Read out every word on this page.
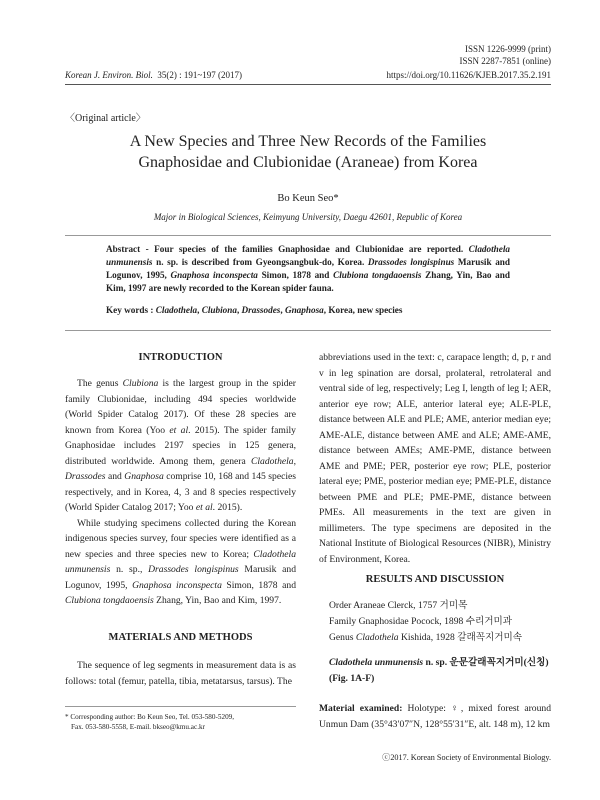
ISSN 1226-9999 (print)
ISSN 2287-7851 (online)
Korean J. Environ. Biol. 35(2) : 191~197 (2017)	https://doi.org/10.11626/KJEB.2017.35.2.191
〈Original article〉
A New Species and Three New Records of the Families
Gnaphosidae and Clubionidae (Araneae) from Korea
Bo Keun Seo*
Major in Biological Sciences, Keimyung University, Daegu 42601, Republic of Korea
Abstract - Four species of the families Gnaphosidae and Clubionidae are reported. Cladothela unmunensis n. sp. is described from Gyeongsangbuk-do, Korea. Drassodes longispinus Marusik and Logunov, 1995, Gnaphosa inconspecta Simon, 1878 and Clubiona tongdaoensis Zhang, Yin, Bao and Kim, 1997 are newly recorded to the Korean spider fauna.
Key words : Cladothela, Clubiona, Drassodes, Gnaphosa, Korea, new species
INTRODUCTION

The genus Clubiona is the largest group in the spider family Clubionidae, including 494 species worldwide (World Spider Catalog 2017). Of these 28 species are known from Korea (Yoo et al. 2015). The spider family Gnaphosidae includes 2197 species in 125 genera, distributed worldwide. Among them, genera Cladothela, Drassodes and Gnaphosa comprise 10, 168 and 145 species respectively, and in Korea, 4, 3 and 8 species respectively (World Spider Catalog 2017; Yoo et al. 2015).

While studying specimens collected during the Korean indigenous species survey, four species were identified as a new species and three species new to Korea; Cladothela unmunensis n. sp., Drassodes longispinus Marusik and Logunov, 1995, Gnaphosa inconspecta Simon, 1878 and Clubiona tongdaoensis Zhang, Yin, Bao and Kim, 1997.

MATERIALS AND METHODS

The sequence of leg segments in measurement data is as follows: total (femur, patella, tibia, metatarsus, tarsus). The

* Corresponding author: Bo Keun Seo, Tel. 053-580-5209,
Fax. 053-580-5558, E-mail. bkseo@kmu.ac.kr
abbreviations used in the text: c, carapace length; d, p, r and v in leg spination are dorsal, prolateral, retrolateral and ventral side of leg, respectively; Leg I, length of leg I; AER, anterior eye row; ALE, anterior lateral eye; ALE-PLE, distance between ALE and PLE; AME, anterior median eye; AME-ALE, distance between AME and ALE; AME-AME, distance between AMEs; AME-PME, distance between AME and PME; PER, posterior eye row; PLE, posterior lateral eye; PME, posterior median eye; PME-PLE, distance between PME and PLE; PME-PME, distance between PMEs. All measurements in the text are given in millimeters. The type specimens are deposited in the National Institute of Biological Resources (NIBR), Ministry of Environment, Korea.
RESULTS AND DISCUSSION
Order Araneae Clerck, 1757 거미목
Family Gnaphosidae Pocock, 1898 수리거미과
Genus Cladothela Kishida, 1928 갈래꼭지거미속
Cladothela unmunensis n. sp. 운문갈래꼭지거미(신칭)
(Fig. 1A-F)
Material examined: Holotype: ♀, mixed forest around Unmun Dam (35°43′07″N, 128°55′31″E, alt. 148 m), 12 km
ⓒ2017. Korean Society of Environmental Biology.
